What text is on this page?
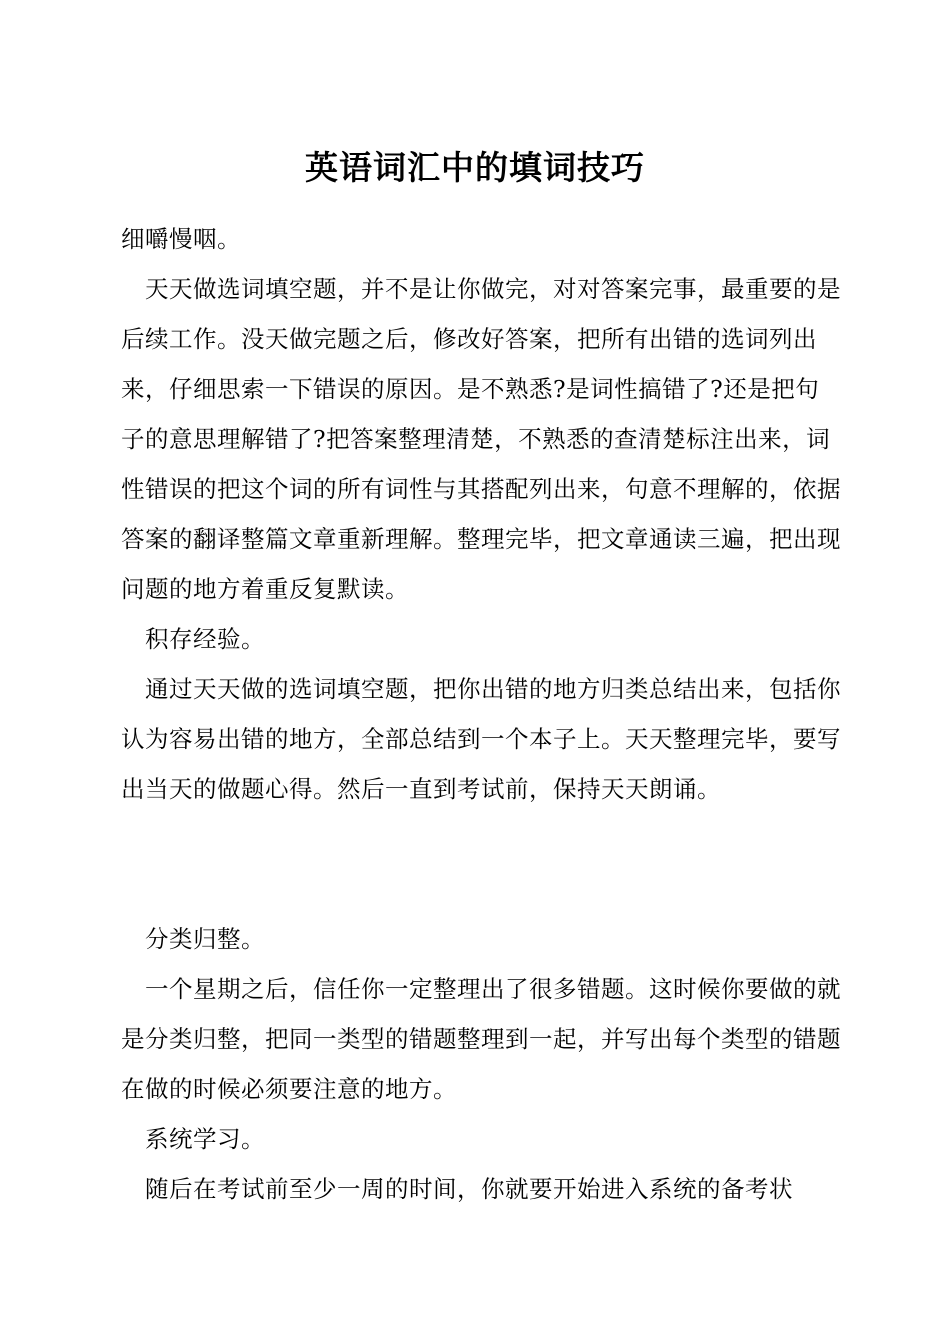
英语词汇中的填词技巧
细嚼慢咽。
天天做选词填空题，并不是让你做完，对对答案完事，最重要的是后续工作。没天做完题之后，修改好答案，把所有出错的选词列出来，仔细思索一下错误的原因。是不熟悉?是词性搞错了?还是把句子的意思理解错了?把答案整理清楚，不熟悉的查清楚标注出来，词性错误的把这个词的所有词性与其搭配列出来，句意不理解的，依据答案的翻译整篇文章重新理解。整理完毕，把文章通读三遍，把出现问题的地方着重反复默读。
积存经验。
通过天天做的选词填空题，把你出错的地方归类总结出来，包括你认为容易出错的地方，全部总结到一个本子上。天天整理完毕，要写出当天的做题心得。然后一直到考试前，保持天天朗诵。
分类归整。
一个星期之后，信任你一定整理出了很多错题。这时候你要做的就是分类归整，把同一类型的错题整理到一起，并写出每个类型的错题在做的时候必须要注意的地方。
系统学习。
随后在考试前至少一周的时间，你就要开始进入系统的备考状
